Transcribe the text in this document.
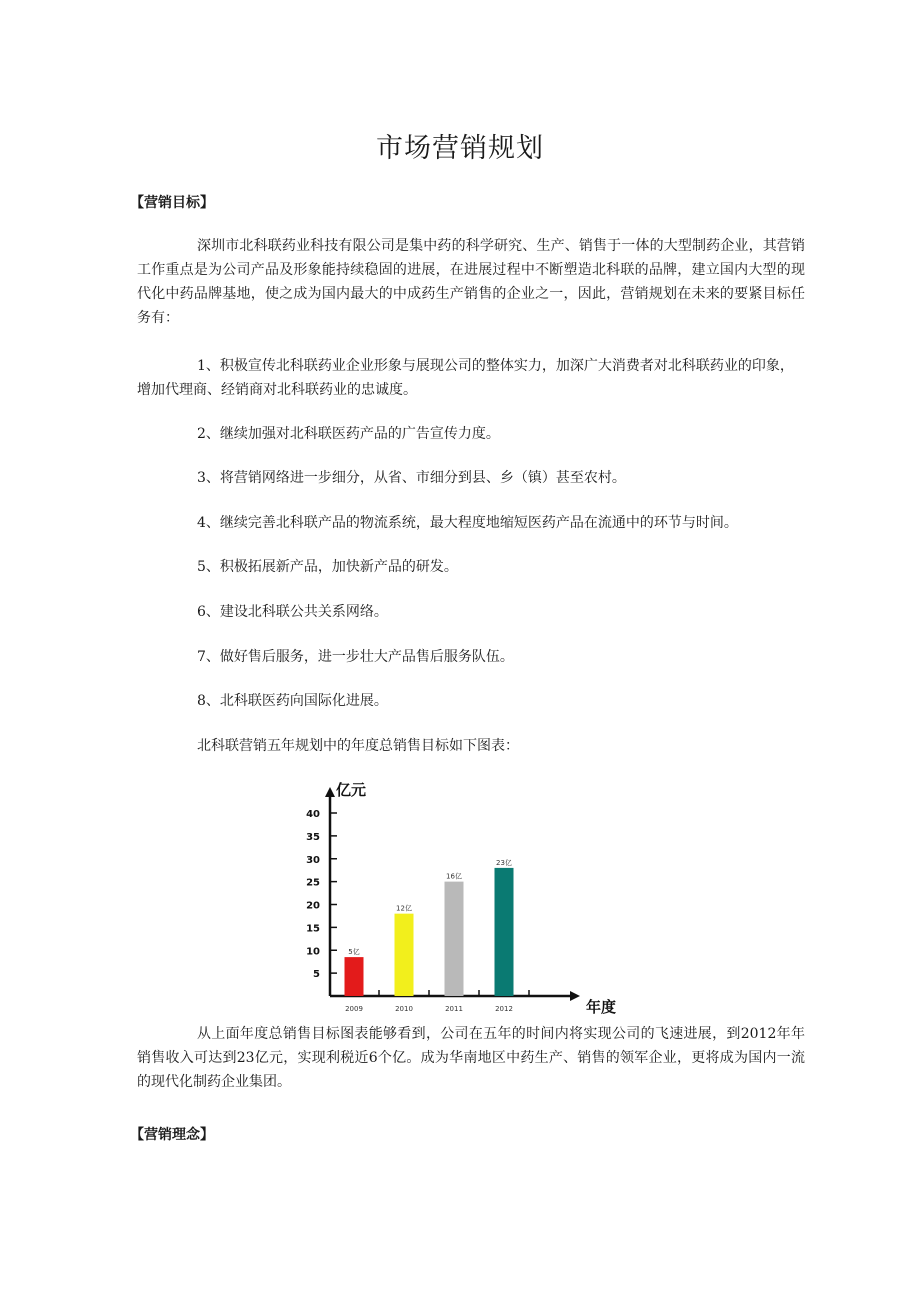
市场营销规划
【营销目标】

深圳市北科联药业科技有限公司是集中药的科学研究、生产、销售于一体的大型制药企业，其营销工作重点是为公司产品及形象能持续稳固的进展，在进展过程中不断塑造北科联的品牌，建立国内大型的现代化中药品牌基地，使之成为国内最大的中成药生产销售的企业之一，因此，营销规划在未来的要紧目标任务有：

1、积极宣传北科联药业企业形象与展现公司的整体实力，加深广大消费者对北科联药业的印象，增加代理商、经销商对北科联药业的忠诚度。

2、继续加强对北科联医药产品的广告宣传力度。

3、将营销网络进一步细分，从省、市细分到县、乡（镇）甚至农村。

4、继续完善北科联产品的物流系统，最大程度地缩短医药产品在流通中的环节与时间。

5、积极拓展新产品，加快新产品的研发。

6、建设北科联公共关系网络。

7、做好售后服务，进一步壮大产品售后服务队伍。

8、北科联医药向国际化进展。

北科联营销五年规划中的年度总销售目标如下图表：

亿元
年度
5
10
15
20
25
30
35
40
2009
5亿
2010
12亿
2011
16亿
2012
23亿

从上面年度总销售目标图表能够看到，公司在五年的时间内将实现公司的飞速进展，到2012年年销售收入可达到23亿元，实现利税近6个亿。成为华南地区中药生产、销售的领军企业，更将成为国内一流的现代化制药企业集团。

【营销理念】
